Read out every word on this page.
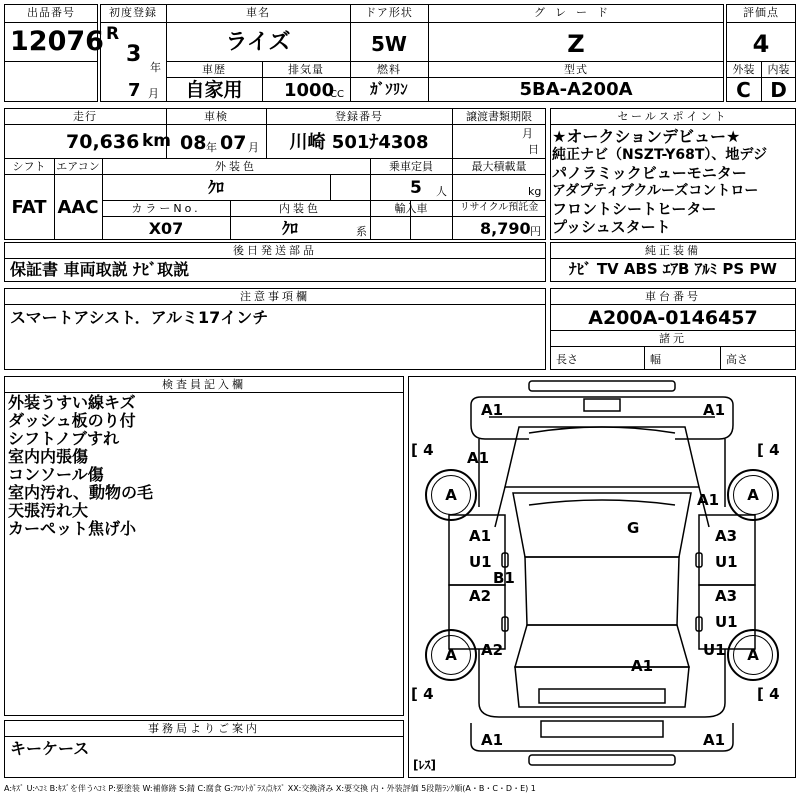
出品番号
12076
初度登録
R
3
年
7 月
車名
ライズ
ドア形状
5W
グレード
Z
車歴
自家用
排気量
1000
CC
燃料
ｶﾞｿﾘﾝ
型式
5BA-A200A
評価点
4
外装	内装
C D
走行
70,636 km
車検
08 年 07 月
登録番号
川崎 501ﾅ4308
譲渡書類期限
月
日
シフト
FAT
エアコン
AAC
外装色
ｸﾛ
乗車定員
5 人
最大積載量
kg
カラーNo.
X07
内装色
ｸﾛ	系
輸入車	リサイクル預託金
8,790 円
セールスポイント
★オークションデビュー★
純正ナビ（NSZT-Y68T）、地デジ
パノラミックビューモニター
アダプティブクルーズコントロー
フロントシートヒーター
プッシュスタート
後日発送部品
保証書 車両取説 ﾅﾋﾞ取説
純正装備
ﾅﾋﾞ TV ABS ｴｱB ｱﾙﾐ PS PW
注意事項欄
スマートアシスト．アルミ17インチ
車台番号
A200A-0146457
諸元
長さ	幅	高さ
検査員記入欄
外装うすい線キズ
ダッシュ板のり付
シフトノブすれ
室内内張傷
コンソール傷
室内汚れ、動物の毛
天張汚れ大
カーペット焦げ小
事務局よりご案内
キーケース
A	A
A	A
[ 4	[ 4
[ 4	[ 4
[ﾚｽ]
A1	A1
A1
A1
G
A1
U1
A3
U1
B1
A2	A3
U1
A2	U1
A1
A1	A1
A:ｷｽﾞ U:ﾍｺﾐ B:ｷｽﾞを伴うﾍｺﾐ P:要塗装 W:補修跡 S:錆 C:腐食 G:ﾌﾛﾝﾄｶﾞﾗｽ点ｷｽﾞ XX:交換済み X:要交換 内・外装評価 5段階ﾗﾝｸ順(A・B・C・D・E) 1
